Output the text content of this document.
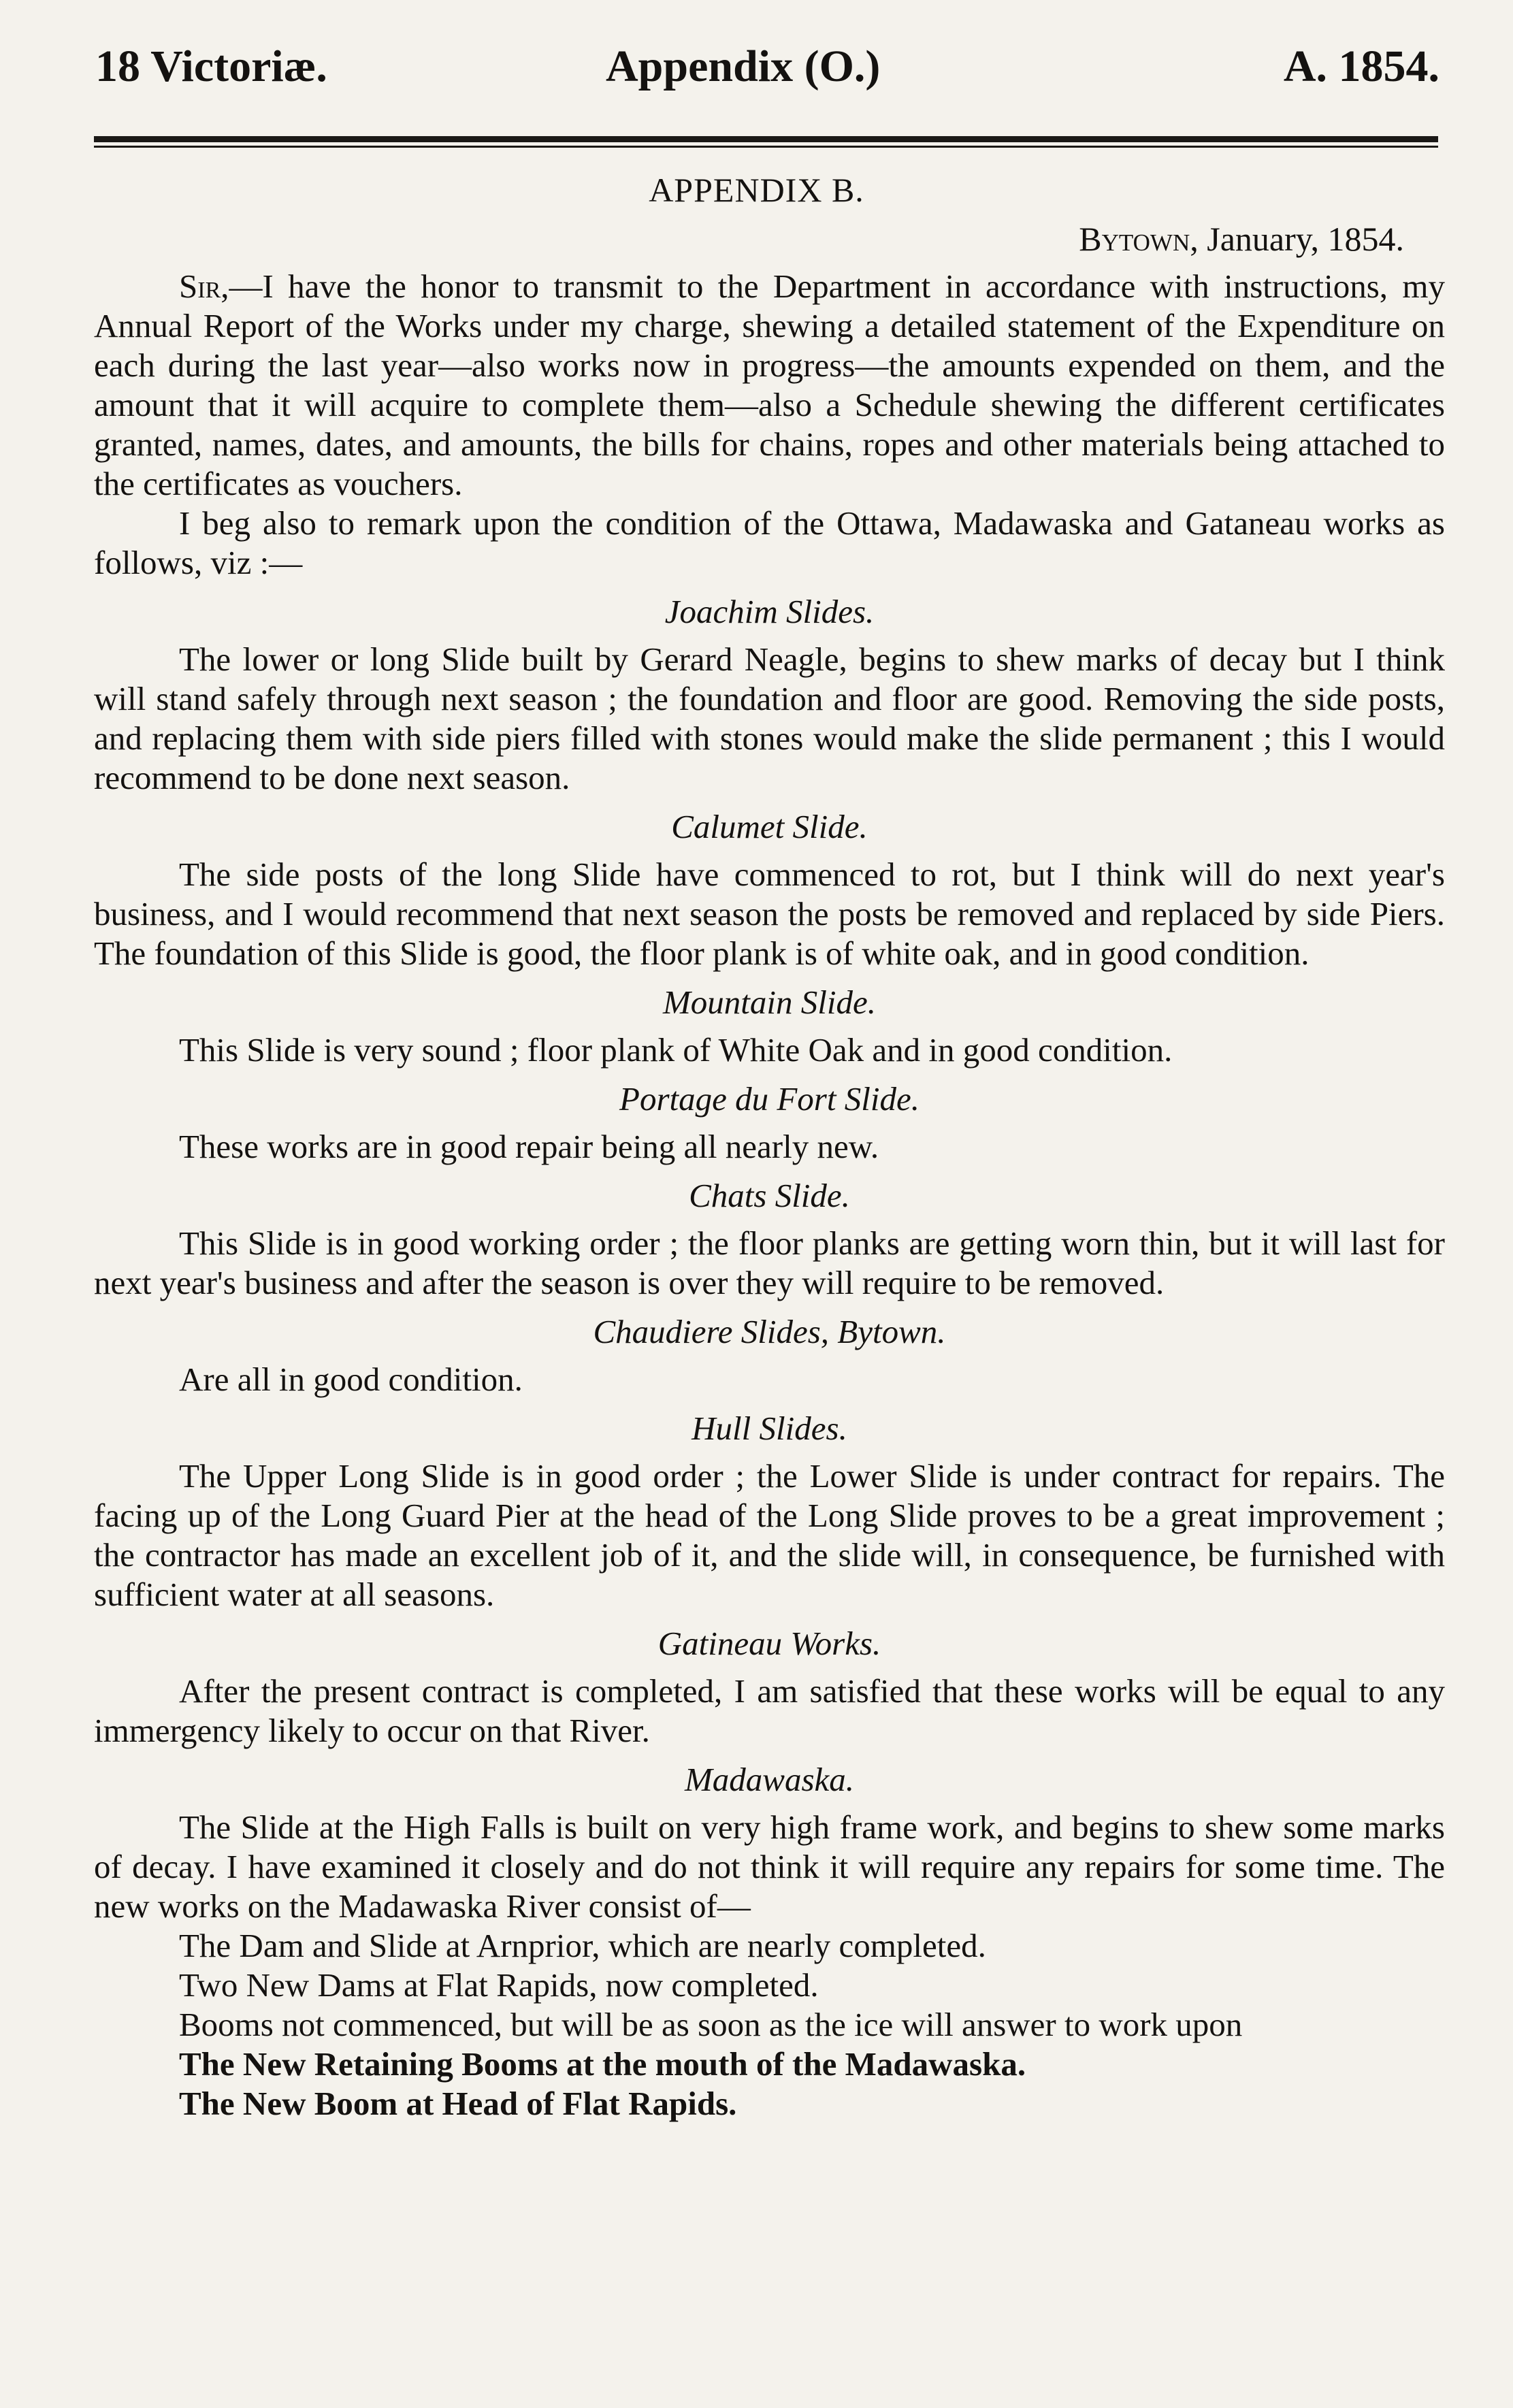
18 Victoriæ.	Appendix (O.)	A. 1854.
APPENDIX B.
Bytown, January, 1854.

Sir,—I have the honor to transmit to the Department in accordance with instructions, my Annual Report of the Works under my charge, shewing a detailed statement of the Expenditure on each during the last year—also works now in progress—the amounts expended on them, and the amount that it will acquire to complete them—also a Schedule shewing the different certificates granted, names, dates, and amounts, the bills for chains, ropes and other materials being attached to the certificates as vouchers.

I beg also to remark upon the condition of the Ottawa, Madawaska and Gataneau works as follows, viz :—

Joachim Slides.

The lower or long Slide built by Gerard Neagle, begins to shew marks of decay but I think will stand safely through next season ; the foundation and floor are good. Removing the side posts, and replacing them with side piers filled with stones would make the slide permanent ; this I would recommend to be done next season.

Calumet Slide.

The side posts of the long Slide have commenced to rot, but I think will do next year's business, and I would recommend that next season the posts be removed and replaced by side Piers. The foundation of this Slide is good, the floor plank is of white oak, and in good condition.

Mountain Slide.

This Slide is very sound ; floor plank of White Oak and in good condition.

Portage du Fort Slide.

These works are in good repair being all nearly new.

Chats Slide.

This Slide is in good working order ; the floor planks are getting worn thin, but it will last for next year's business and after the season is over they will require to be removed.

Chaudiere Slides, Bytown.

Are all in good condition.

Hull Slides.

The Upper Long Slide is in good order ; the Lower Slide is under contract for repairs. The facing up of the Long Guard Pier at the head of the Long Slide proves to be a great improvement ; the contractor has made an excellent job of it, and the slide will, in consequence, be furnished with sufficient water at all seasons.

Gatineau Works.

After the present contract is completed, I am satisfied that these works will be equal to any immergency likely to occur on that River.

Madawaska.

The Slide at the High Falls is built on very high frame work, and begins to shew some marks of decay. I have examined it closely and do not think it will require any repairs for some time. The new works on the Madawaska River consist of—

The Dam and Slide at Arnprior, which are nearly completed.
Two New Dams at Flat Rapids, now completed.
Booms not commenced, but will be as soon as the ice will answer to work upon
The New Retaining Booms at the mouth of the Madawaska.
The New Boom at Head of Flat Rapids.
